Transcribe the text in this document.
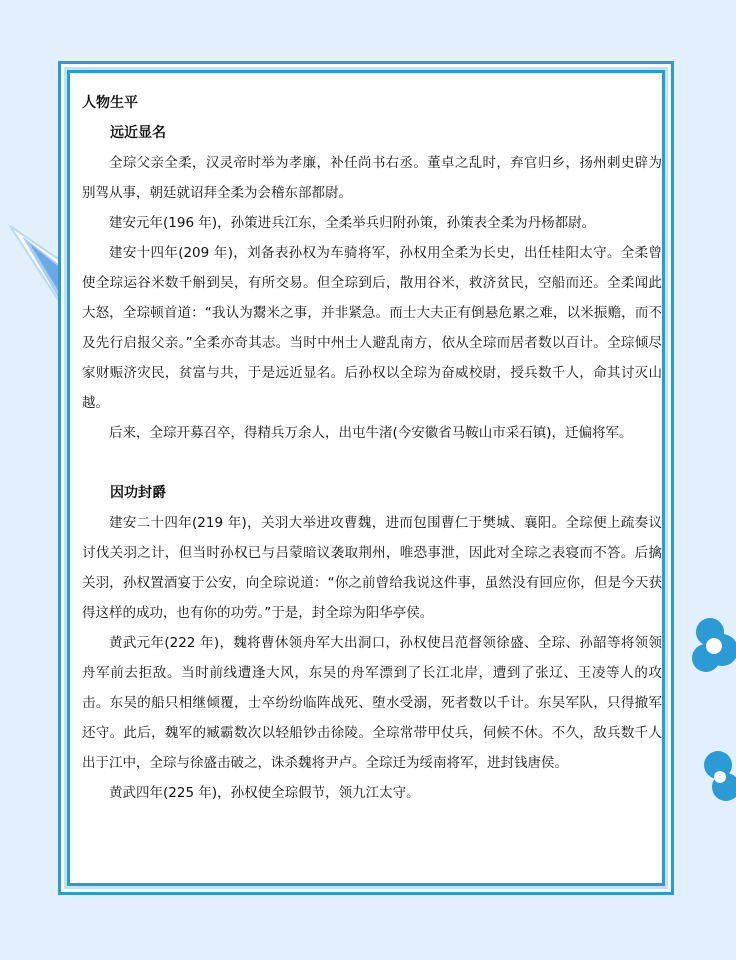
人物生平
远近显名

全琮父亲全柔，汉灵帝时举为孝廉，补任尚书右丞。董卓之乱时，弃官归乡，扬州刺史辟为别驾从事，朝廷就诏拜全柔为会稽东部都尉。

建安元年(196 年)，孙策进兵江东，全柔举兵归附孙策，孙策表全柔为丹杨都尉。

建安十四年(209 年)，刘备表孙权为车骑将军，孙权用全柔为长史，出任桂阳太守。全柔曾使全琮运谷米数千斛到吴，有所交易。但全琮到后，散用谷米，救济贫民，空船而还。全柔闻此大怒，全琮顿首道：“我认为鬻米之事，并非紧急。而士大夫正有倒悬危累之难，以米振赡，而不及先行启报父亲。”全柔亦奇其志。当时中州士人避乱南方，依从全琮而居者数以百计。全琮倾尽家财赈济灾民，贫富与共，于是远近显名。后孙权以全琮为奋威校尉，授兵数千人，命其讨灭山越。

后来，全琮开募召卒，得精兵万余人，出屯牛渚(今安徽省马鞍山市采石镇)，迁偏将军。

因功封爵

建安二十四年(219 年)，关羽大举进攻曹魏，进而包围曹仁于樊城、襄阳。全琮便上疏奏议讨伐关羽之计，但当时孙权已与吕蒙暗议袭取荆州，唯恐事泄，因此对全琮之表寝而不答。后擒关羽，孙权置酒宴于公安，向全琮说道：“你之前曾给我说这件事，虽然没有回应你，但是今天获得这样的成功，也有你的功劳。”于是，封全琮为阳华亭侯。

黄武元年(222 年)，魏将曹休领舟军大出洞口，孙权使吕范督领徐盛、全琮、孙韶等将领领舟军前去拒敌。当时前线遭逢大风，东吴的舟军漂到了长江北岸，遭到了张辽、王凌等人的攻击。东吴的船只相继倾覆，士卒纷纷临阵战死、堕水受溺，死者数以千计。东吴军队，只得撤军还守。此后，魏军的臧霸数次以轻船钞击徐陵。全琮常带甲仗兵，伺候不休。不久，敌兵数千人出于江中，全琮与徐盛击破之，诛杀魏将尹卢。全琮迁为绥南将军，进封钱唐侯。

黄武四年(225 年)，孙权使全琮假节，领九江太守。
